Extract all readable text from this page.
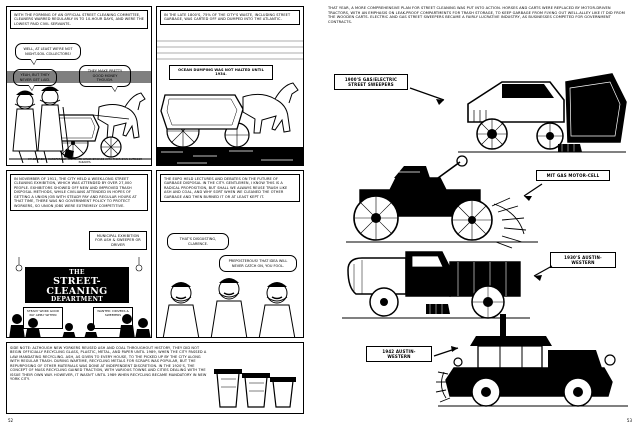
WITH THE FORMING OF AN OFFICIAL STREET CLEANING COMMITTEE, CLEANERS WARRED REGULARLY IN TO 10-HOUR DAYS, AND WERE THE LOWEST PAID CIVIL SERVANTS.
WELL, AT LEAST WE'RE NOT NIGHT-SOIL COLLECTORS!
IMAGE CREDIT: SWEEPERS OF THE WHITE WINGS BRIGADE WITH THEIR OWN OUTDOOR PARADES.
IN THE LATE 1800'S, 75% OF THE CITY'S WASTE, INCLUDING STREET GARBAGE, WAS CARTED OFF AND DUMPED INTO THE ATLANTIC.
OCEAN DUMPING WAS NOT HALTED UNTIL 1934.
IN NOVEMBER OF 1911, THE CITY HELD A WEEK-LONG STREET CLEANING EXHIBITION, WHICH WAS ATTENDED BY OVER 27,000 PEOPLE. EXHIBITORS SHOWED OFF NEW AND IMPROVED TRASH DISPOSAL METHODS, WHILE CIVILIANS ATTENDED IN HOPES OF GETTING A UNION JOB WITH STEADY PAY AND REGULAR HOURS AT THAT TIME, THERE WAS NO GOVERNMENT POLICY TO PROTECT WORKERS, SO UNION JOBS WERE EXTREMELY COMPETITIVE.
THE
STREET-CLEANING
DEPARTMENT
STEADY WORK GOOD PAY APPLY WITHIN
WANTED: DRIVERS & SWEEPERS
MUNICIPAL EXHIBITION FOR ASH & SWEEPER OR DRIVER
THE EXPO HELD LECTURES AND DEBATES ON THE FUTURE OF GARBAGE DISPOSAL IN THE CITY. GENTLEMEN, I KNOW THIS IS A RADICAL PROPOSITION, BUT SHALL WE ALWAYS REUSE TRASH LIKE ASH AND COAL, AND WHY SORT WHEN WE CLEANED THE OTHER GARBAGE AND THEN BURNED IT OR AT LEAST KEPT IT.
THAT'S DISGUSTING, CLARENCE.
PREPOSTEROUS! THAT IDEA WILL NEVER CATCH ON, YOU FOOL.
SIDE NOTE: ALTHOUGH NEW YORKERS REUSED ASH AND COAL THROUGHOUT HISTORY, THEY DID NOT BEGIN OFFICIALLY RECYCLING GLASS, PLASTIC, METAL, AND PAPER UNTIL 1989, WHEN THE CITY PASSED A LAW MANDATING RECYCLING. ASH, AS GIVEN TO EVERY HOUSE, TO THE PICKED UP BY THE CITY ALONG WITH REGULAR TRASH. DURING WARTIME, RECYCLING METALS FOR SCRAPS WAS POPULAR, BUT THE REPURPOSING OF OTHER MATERIALS WAS DONE AT INDEPENDENT DISCRETION. IN THE 1920'S, THE CONCEPT OF MASS RECYCLING GAINED TRACTION, WITH VARIOUS TOWNS AND CITIES DEALING WITH THE ISSUE THEIR OWN WAY. HOWEVER, IT WASN'T UNTIL 1989 WHEN RECYCLING BECAME MANDATORY IN NEW YORK CITY.
52
THAT YEAR, A MORE COMPREHENSIVE PLAN FOR STREET CLEANING WAS PUT INTO ACTION. HORSES AND CARTS WERE REPLACED BY MOTOR-DRIVEN TRACTORS, WITH AN EMPHASIS ON LEAK-PROOF COMPARTMENTS FOR TRASH STORAGE, TO KEEP GARBAGE FROM FLYING OUT WELL-ALLEY LIKE IT DID FROM THE WOODEN CARTS. ELECTRIC AND GAS STREET SWEEPERS BECAME A FAIRLY LUCRATIVE INDUSTRY, AS BUSINESSES COMPETED FOR GOVERNMENT CONTRACTS.
1900'S GAS/ELECTRIC STREET SWEEPERS
MIT GAS MOTOR-CELL
1930'S AUSTIN-WESTERN
1942 AUSTIN-WESTERN
53
